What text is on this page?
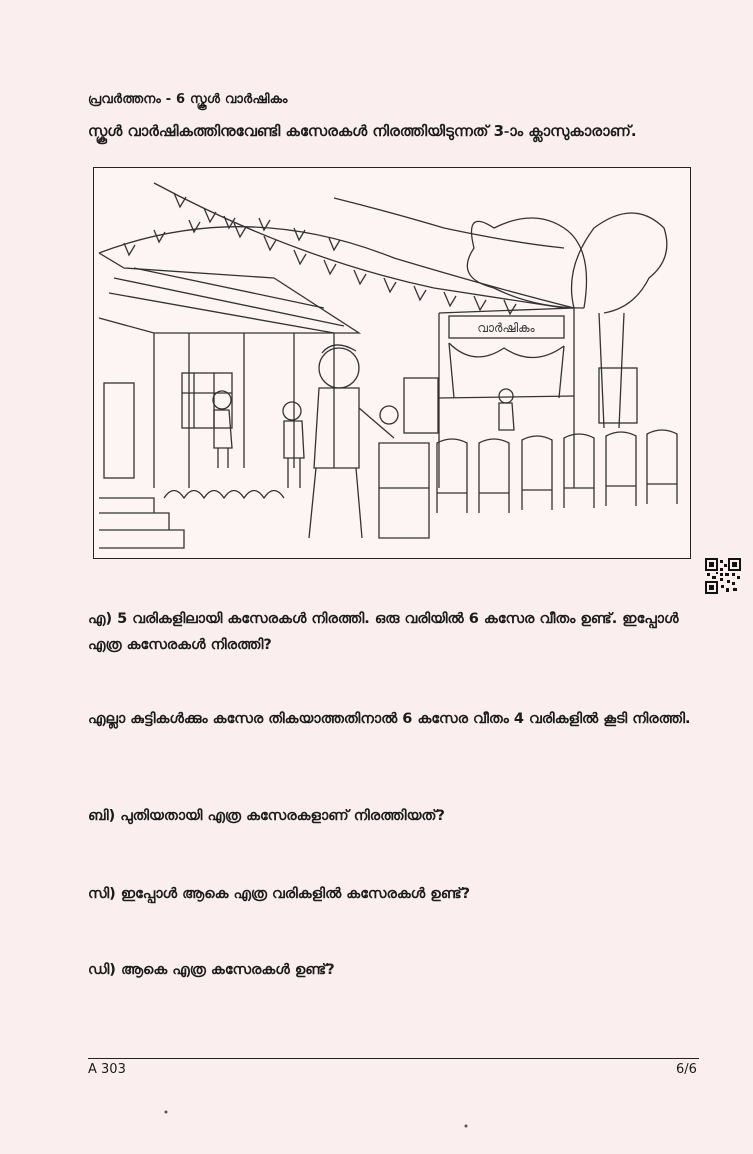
പ്രവർത്തനം - 6 സ്കൂൾ വാർഷികം
സ്കൂൾ വാർഷികത്തിനുവേണ്ടി കസേരകൾ നിരത്തിയിടുന്നത് 3-ാം ക്ലാസുകാരാണ്.
വാർഷികം
എ) 5 വരികളിലായി കസേരകൾ നിരത്തി. ഒരു വരിയിൽ 6 കസേര വീതം ഉണ്ട്. ഇപ്പോൾ എത്ര കസേരകൾ നിരത്തി?
എല്ലാ കുട്ടികൾക്കും കസേര തികയാത്തതിനാൽ 6 കസേര വീതം 4 വരികളിൽ കൂടി നിരത്തി.
ബി) പുതിയതായി എത്ര കസേരകളാണ് നിരത്തിയത്?
സി) ഇപ്പോൾ ആകെ എത്ര വരികളിൽ കസേരകൾ ഉണ്ട്?
ഡി) ആകെ എത്ര കസേരകൾ ഉണ്ട്?
A 303	6/6
